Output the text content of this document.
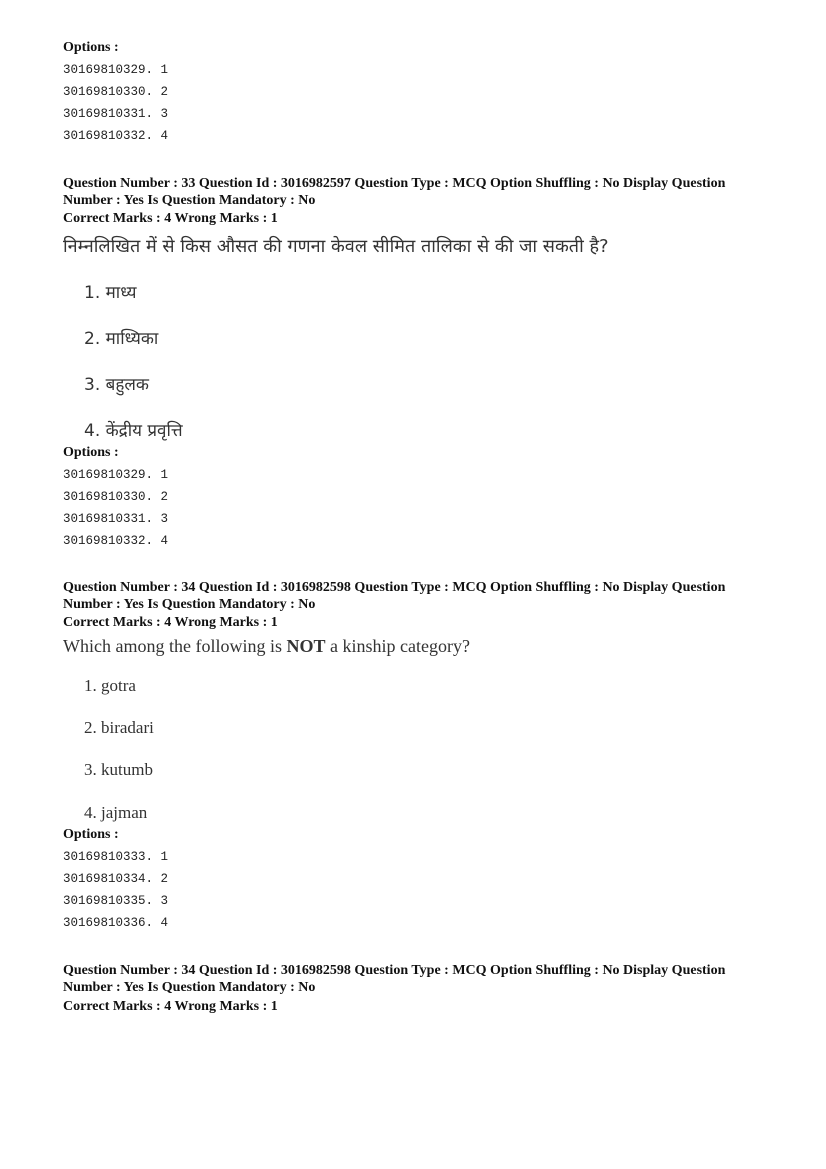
Options :
30169810329. 1
30169810330. 2
30169810331. 3
30169810332. 4
Question Number : 33 Question Id : 3016982597 Question Type : MCQ Option Shuffling : No Display Question
Number : Yes Is Question Mandatory : No
Correct Marks : 4 Wrong Marks : 1
निम्नलिखित में से किस औसत की गणना केवल सीमित तालिका से की जा सकती है?
1. माध्य
2. माध्यिका
3. बहुलक
4. केंद्रीय प्रवृत्ति
Options :
30169810329. 1
30169810330. 2
30169810331. 3
30169810332. 4
Question Number : 34 Question Id : 3016982598 Question Type : MCQ Option Shuffling : No Display Question
Number : Yes Is Question Mandatory : No
Correct Marks : 4 Wrong Marks : 1
Which among the following is NOT a kinship category?
1. gotra
2. biradari
3. kutumb
4. jajman
Options :
30169810333. 1
30169810334. 2
30169810335. 3
30169810336. 4
Question Number : 34 Question Id : 3016982598 Question Type : MCQ Option Shuffling : No Display Question
Number : Yes Is Question Mandatory : No
Correct Marks : 4 Wrong Marks : 1
